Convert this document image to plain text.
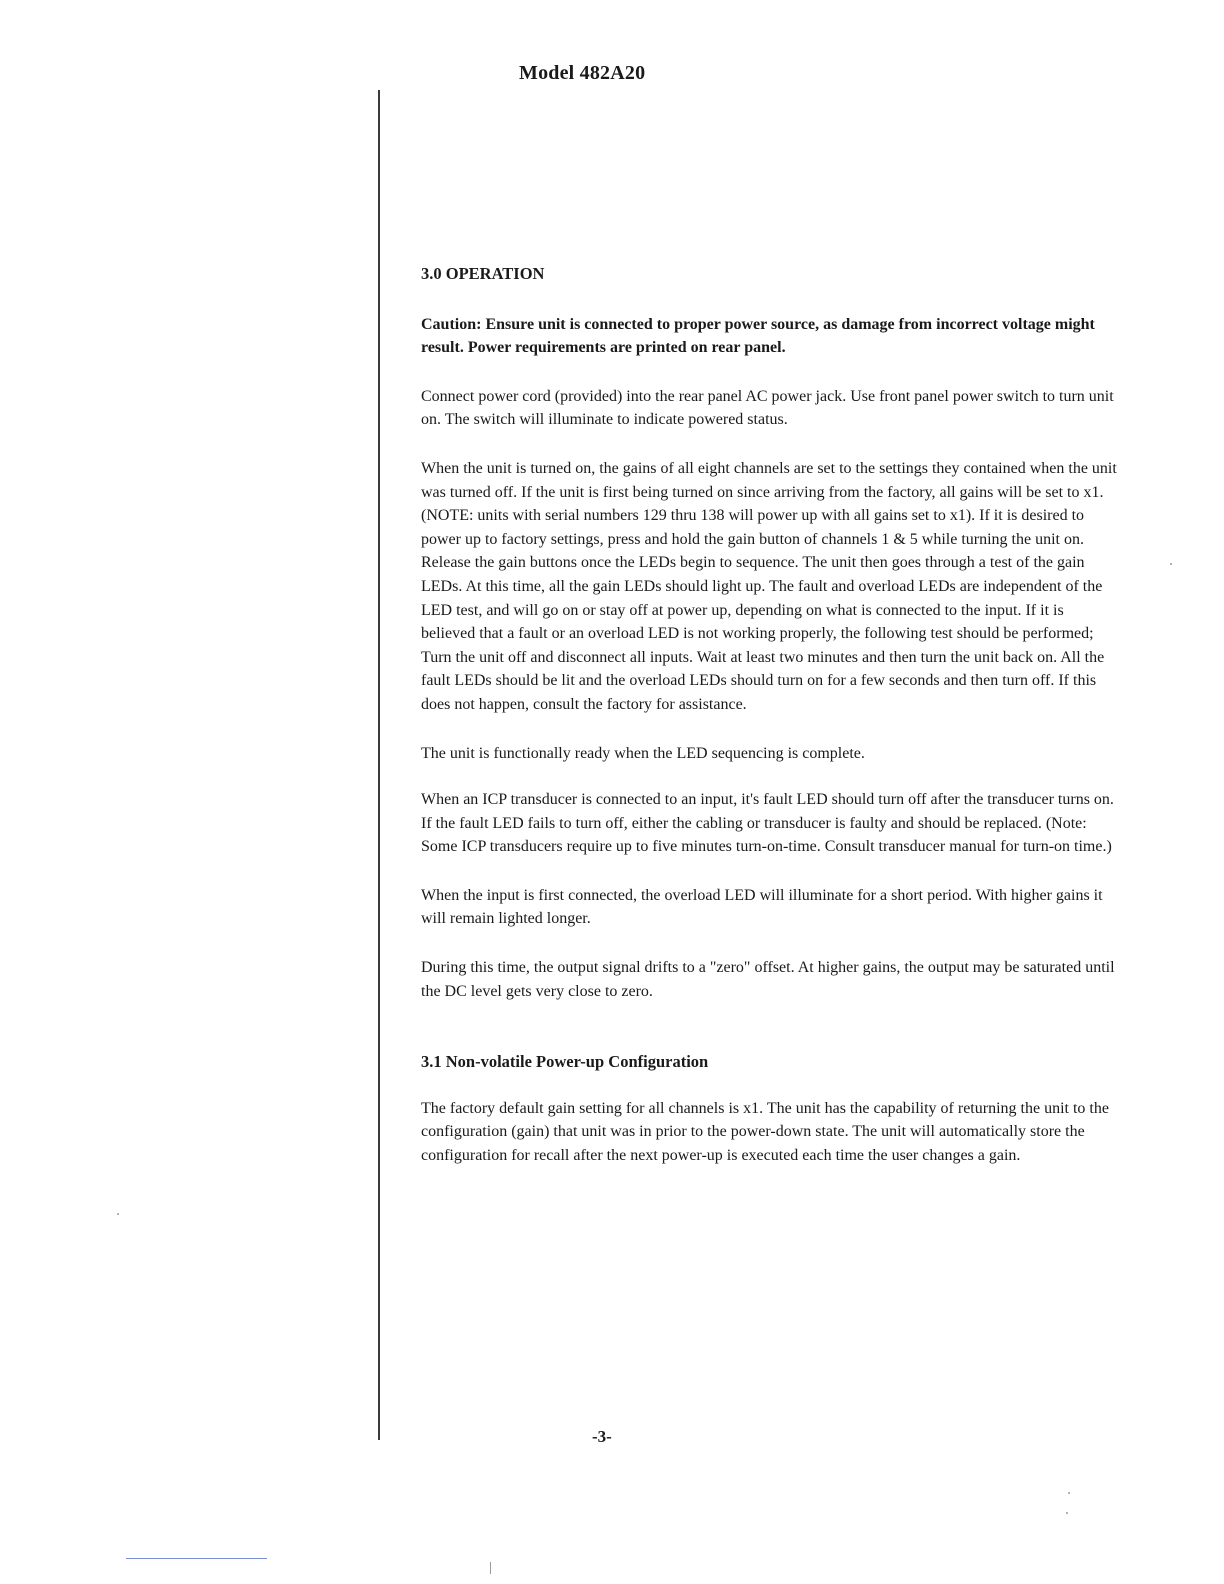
Model 482A20
3.0 OPERATION

Caution: Ensure unit is connected to proper power source, as damage from incorrect voltage might result. Power requirements are printed on rear panel.

Connect power cord (provided) into the rear panel AC power jack. Use front panel power switch to turn unit on. The switch will illuminate to indicate powered status.

When the unit is turned on, the gains of all eight channels are set to the settings they contained when the unit was turned off. If the unit is first being turned on since arriving from the factory, all gains will be set to x1. (NOTE: units with serial numbers 129 thru 138 will power up with all gains set to x1). If it is desired to power up to factory settings, press and hold the gain button of channels 1 & 5 while turning the unit on. Release the gain buttons once the LEDs begin to sequence. The unit then goes through a test of the gain LEDs. At this time, all the gain LEDs should light up. The fault and overload LEDs are independent of the LED test, and will go on or stay off at power up, depending on what is connected to the input. If it is believed that a fault or an overload LED is not working properly, the following test should be performed; Turn the unit off and disconnect all inputs. Wait at least two minutes and then turn the unit back on. All the fault LEDs should be lit and the overload LEDs should turn on for a few seconds and then turn off. If this does not happen, consult the factory for assistance.

The unit is functionally ready when the LED sequencing is complete.

When an ICP transducer is connected to an input, it's fault LED should turn off after the transducer turns on. If the fault LED fails to turn off, either the cabling or transducer is faulty and should be replaced. (Note: Some ICP transducers require up to five minutes turn-on-time. Consult transducer manual for turn-on time.)

When the input is first connected, the overload LED will illuminate for a short period. With higher gains it will remain lighted longer.

During this time, the output signal drifts to a "zero" offset. At higher gains, the output may be saturated until the DC level gets very close to zero.

3.1 Non-volatile Power-up Configuration

The factory default gain setting for all channels is x1. The unit has the capability of returning the unit to the configuration (gain) that unit was in prior to the power-down state. The unit will automatically store the configuration for recall after the next power-up is executed each time the user changes a gain.

-3-
